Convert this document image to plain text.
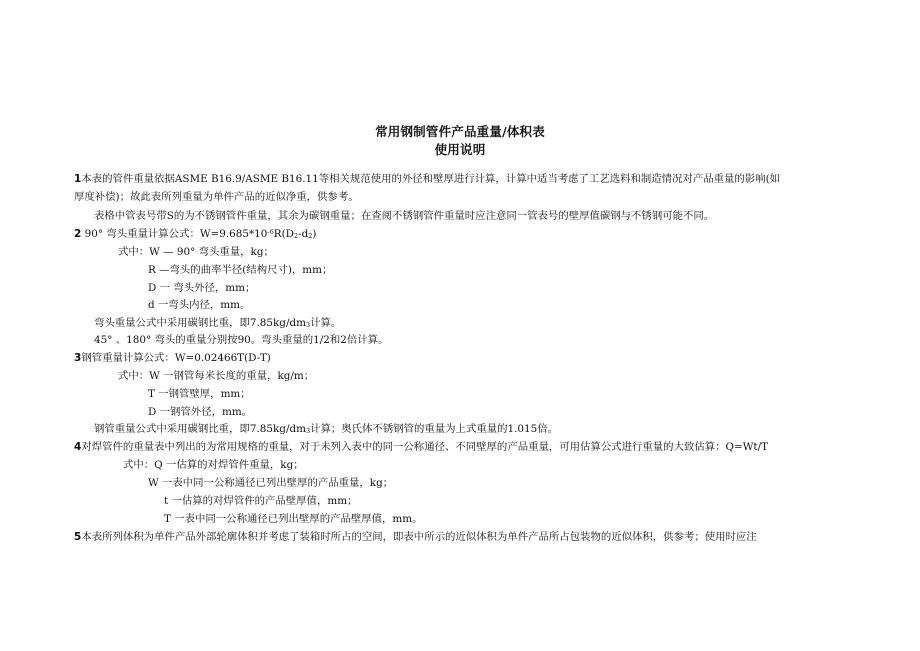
常用钢制管件产品重量/体积表
使用说明
1本表的管件重量依据ASME B16.9/ASME B16.11等相关规范使用的外径和壁厚进行计算，计算中适当考虑了工艺选料和制造情况对产品重量的影响(如
厚度补偿)；故此表所列重量为单件产品的近似净重，供参考。
表格中管表号带S的为不锈钢管件重量，其余为碳钢重量；在查阅不锈钢管件重量时应注意同一管表号的壁厚值碳钢与不锈钢可能不同。
2 90° 弯头重量计算公式：$W=9.685*10^{-6}R(D_2-d_2)$
式中：W — 90° 弯头重量，kg；
R —弯头的曲率半径(结构尺寸)，mm；
D 一 弯头外径，mm；
d 一弯头内径，mm。
弯头重量公式中采用碳钢比重，即$7.85kg/dm_3$计算。
45° 、180° 弯头的重量分别按90。弯头重量的1/2和2倍计算。
3钢管重量计算公式：W=0.02466T(D-T)
式中：W 一钢管每米长度的重量，kg/m；
T 一钢管壁厚，mm；
D 一钢管外径，mm。
钢管重量公式中采用碳钢比重，即$7.85kg/dm_3$计算；奥氏体不锈钢管的重量为上式重量的1.015倍。
4对焊管件的重量表中列出的为常用规格的重量，对于未列入表中的同一公称通径、不同壁厚的产品重量，可用估算公式进行重量的大致估算：Q=Wt/T
式中：Q 一估算的对焊管件重量，kg；
W 一表中同一公称通径已列出壁厚的产品重量，kg；
t 一估算的对焊管件的产品壁厚值，mm；
T 一表中同一公称通径已列出壁厚的产品壁厚值，mm。
5本表所列体积为单件产品外部轮廓体积并考虑了装箱时所占的空间，即表中所示的近似体积为单件产品所占包装物的近似体积，供参考；使用时应注
